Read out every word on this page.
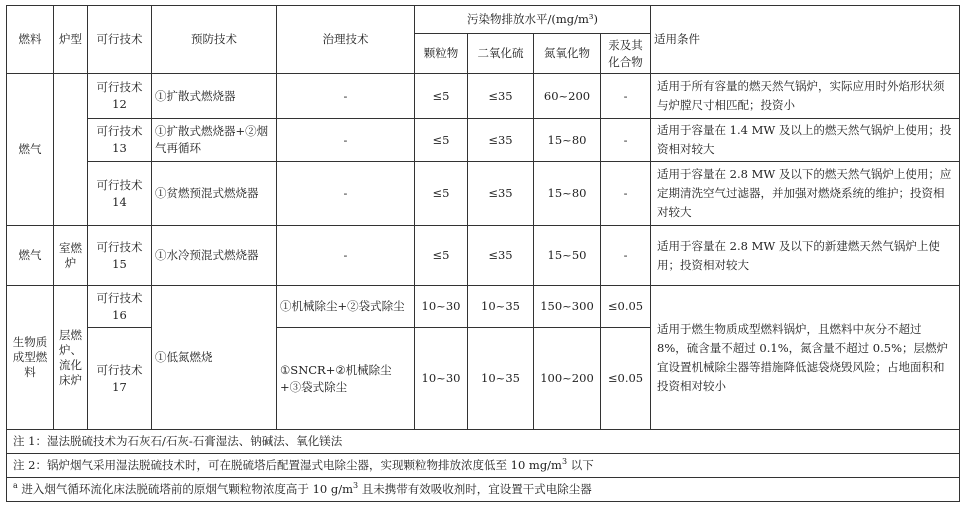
燃料	炉型	可行技术	预防技术	治理技术	污染物排放水平/(mg/m³)				适用条件
					颗粒物	二氧化硫	氮氧化物	汞及其化合物	
燃气		可行技术 12	①扩散式燃烧器	-	≤5	≤35	60~200	-	适用于所有容量的燃天然气锅炉，实际应用时外焰形状须与炉膛尺寸相匹配；投资小
		可行技术 13	①扩散式燃烧器+②烟气再循环	-	≤5	≤35	15~80	-	适用于容量在 1.4 MW 及以上的燃天然气锅炉上使用；投资相对较大
		可行技术 14	①贫燃预混式燃烧器	-	≤5	≤35	15~80	-	适用于容量在 2.8 MW 及以下的燃天然气锅炉上使用；应定期清洗空气过滤器，并加强对燃烧系统的维护；投资相对较大
燃气	室燃炉	可行技术 15	①水冷预混式燃烧器	-	≤5	≤35	15~50	-	适用于容量在 2.8 MW 及以下的新建燃天然气锅炉上使用；投资相对较大
生物质成型燃料	层燃炉、流化床炉	可行技术 16	①低氮燃烧	①机械除尘+②袋式除尘	10~30	10~35	150~300	≤0.05	适用于燃生物质成型燃料锅炉，且燃料中灰分不超过 8%，硫含量不超过 0.1%，氮含量不超过 0.5%；层燃炉宜设置机械除尘器等措施降低滤袋烧毁风险；占地面积和投资相对较小
		可行技术 17		①SNCR+②机械除尘+③袋式除尘	10~30	10~35	100~200	≤0.05	
注 1：湿法脱硫技术为石灰石/石灰-石膏湿法、钠碱法、氧化镁法									
注 2：锅炉烟气采用湿法脱硫技术时，可在脱硫塔后配置湿式电除尘器，实现颗粒物排放浓度低至 10 $mg/m^3$ 以下									
$^a$ 进入烟气循环流化床法脱硫塔前的原烟气颗粒物浓度高于 10 $g/m^3$ 且未携带有效吸收剂时，宜设置干式电除尘器									
